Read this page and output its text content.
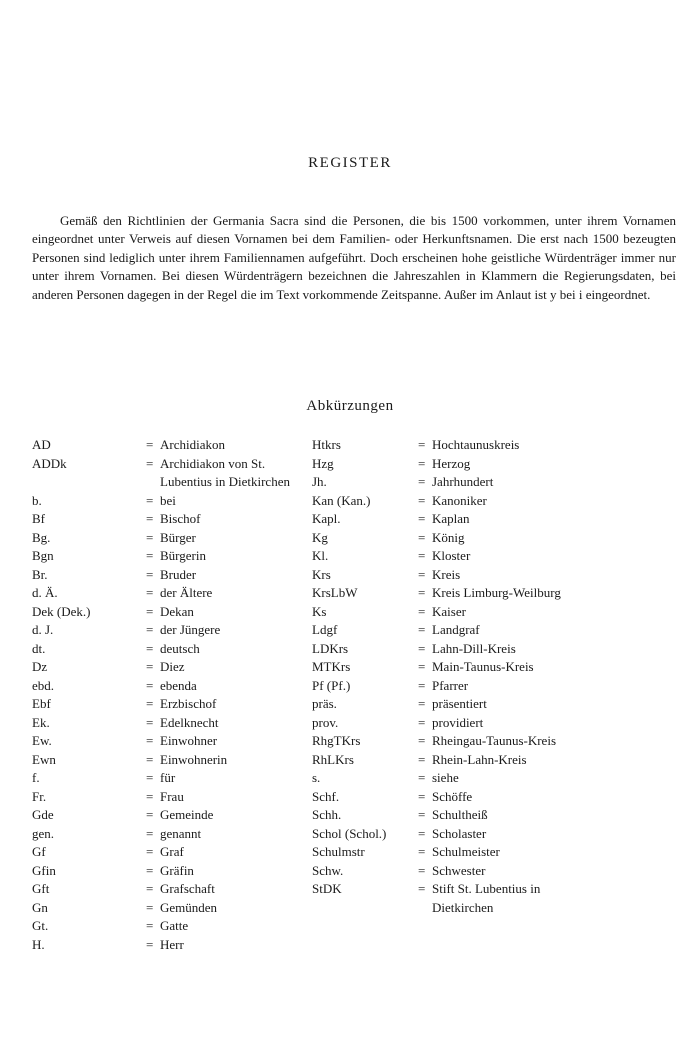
REGISTER

Gemäß den Richtlinien der Germania Sacra sind die Personen, die bis 1500 vorkommen, unter ihrem Vornamen eingeordnet unter Verweis auf diesen Vornamen bei dem Familien- oder Herkunftsnamen. Die erst nach 1500 bezeugten Personen sind lediglich unter ihrem Familiennamen aufgeführt. Doch erscheinen hohe geistliche Würdenträger immer nur unter ihrem Vornamen. Bei diesen Würdenträgern bezeichnen die Jahreszahlen in Klammern die Regierungsdaten, bei anderen Personen dagegen in der Regel die im Text vorkommende Zeitspanne. Außer im Anlaut ist y bei i eingeordnet.

Abkürzungen
AD	= Archidiakon
ADDk	= Archidiakon von St. Lubentius in Dietkirchen
b.	= bei
Bf	= Bischof
Bg.	= Bürger
Bgn	= Bürgerin
Br.	= Bruder
d. Ä.	= der Ältere
Dek (Dek.)	= Dekan
d. J.	= der Jüngere
dt.	= deutsch
Dz	= Diez
ebd.	= ebenda
Ebf	= Erzbischof
Ek.	= Edelknecht
Ew.	= Einwohner
Ewn	= Einwohnerin
f.	= für
Fr.	= Frau
Gde	= Gemeinde
gen.	= genannt
Gf	= Graf
Gfin	= Gräfin
Gft	= Grafschaft
Gn	= Gemünden
Gt.	= Gatte
H.	= Herr
Htkrs	= Hochtaunuskreis
Hzg	= Herzog
Jh.	= Jahrhundert
Kan (Kan.)	= Kanoniker
Kapl.	= Kaplan
Kg	= König
Kl.	= Kloster
Krs	= Kreis
KrsLbW	= Kreis Limburg-Weilburg
Ks	= Kaiser
Ldgf	= Landgraf
LDKrs	= Lahn-Dill-Kreis
MTKrs	= Main-Taunus-Kreis
Pf (Pf.)	= Pfarrer
präs.	= präsentiert
prov.	= providiert
RhgTKrs	= Rheingau-Taunus-Kreis
RhLKrs	= Rhein-Lahn-Kreis
s.	= siehe
Schf.	= Schöffe
Schh.	= Schultheiß
Schol (Schol.)	= Scholaster
Schulmstr	= Schulmeister
Schw.	= Schwester
StDK	= Stift St. Lubentius in Dietkirchen
